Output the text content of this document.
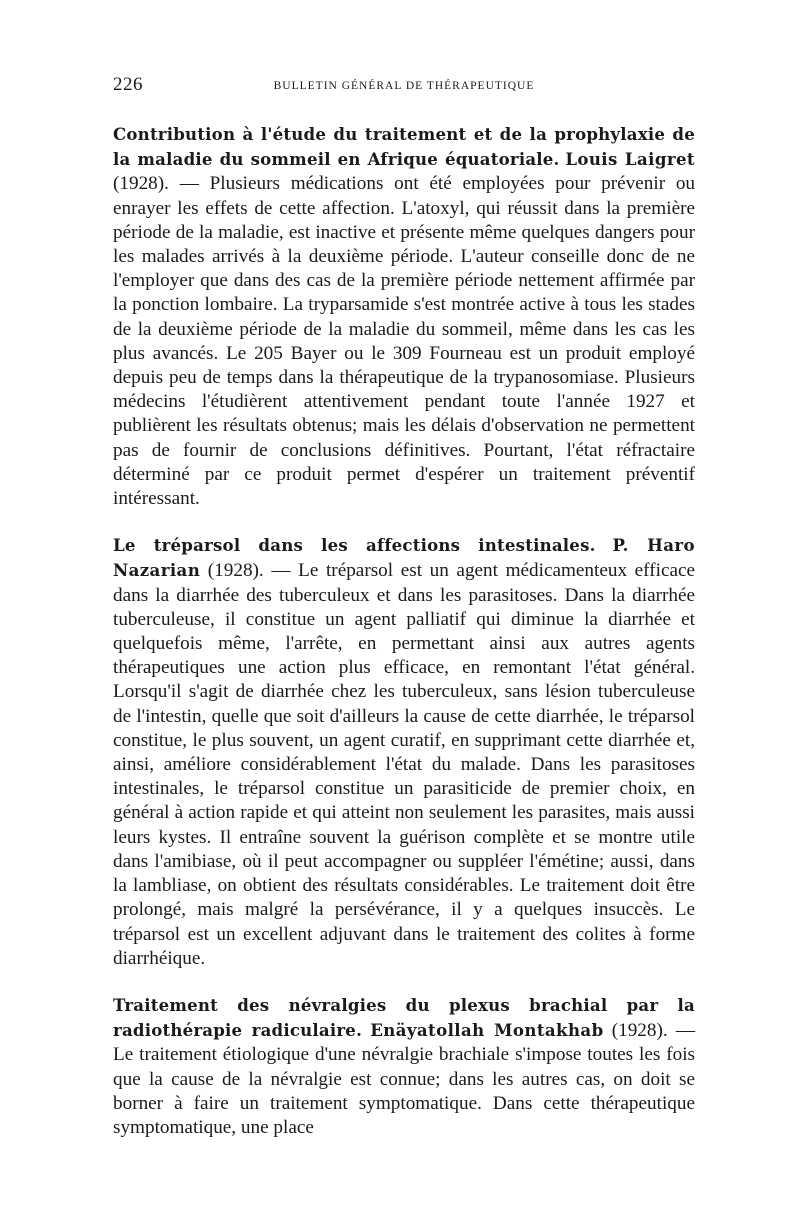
226	BULLETIN GÉNÉRAL DE THÉRAPEUTIQUE

Contribution à l'étude du traitement et de la prophylaxie de la maladie du sommeil en Afrique équatoriale. Louis Laigret (1928). — Plusieurs médications ont été employées pour prévenir ou enrayer les effets de cette affection. L'atoxyl, qui réussit dans la première période de la maladie, est inactive et présente même quelques dangers pour les malades arrivés à la deuxième période. L'auteur conseille donc de ne l'employer que dans des cas de la première période nettement affirmée par la ponction lombaire. La tryparsamide s'est montrée active à tous les stades de la deuxième période de la maladie du sommeil, même dans les cas les plus avancés. Le 205 Bayer ou le 309 Fourneau est un produit employé depuis peu de temps dans la thérapeutique de la trypanosomiase. Plusieurs médecins l'étudièrent attentivement pendant toute l'année 1927 et publièrent les résultats obtenus; mais les délais d'observation ne permettent pas de fournir de conclusions définitives. Pourtant, l'état réfractaire déterminé par ce produit permet d'espérer un traitement préventif intéressant.

Le tréparsol dans les affections intestinales. P. Haro Nazarian (1928). — Le tréparsol est un agent médicamenteux efficace dans la diarrhée des tuberculeux et dans les parasitoses. Dans la diarrhée tuberculeuse, il constitue un agent palliatif qui diminue la diarrhée et quelquefois même, l'arrête, en permettant ainsi aux autres agents thérapeutiques une action plus efficace, en remontant l'état général. Lorsqu'il s'agit de diarrhée chez les tuberculeux, sans lésion tuberculeuse de l'intestin, quelle que soit d'ailleurs la cause de cette diarrhée, le tréparsol constitue, le plus souvent, un agent curatif, en supprimant cette diarrhée et, ainsi, améliore considérablement l'état du malade. Dans les parasitoses intestinales, le tréparsol constitue un parasiticide de premier choix, en général à action rapide et qui atteint non seulement les parasites, mais aussi leurs kystes. Il entraîne souvent la guérison complète et se montre utile dans l'amibiase, où il peut accompagner ou suppléer l'émétine; aussi, dans la lambliase, on obtient des résultats considérables. Le traitement doit être prolongé, mais malgré la persévérance, il y a quelques insuccès. Le tréparsol est un excellent adjuvant dans le traitement des colites à forme diarrhéique.

Traitement des névralgies du plexus brachial par la radiothérapie radiculaire. Enäyatollah Montakhab (1928). — Le traitement étiologique d'une névralgie brachiale s'impose toutes les fois que la cause de la névralgie est connue; dans les autres cas, on doit se borner à faire un traitement symptomatique. Dans cette thérapeutique symptomatique, une place
